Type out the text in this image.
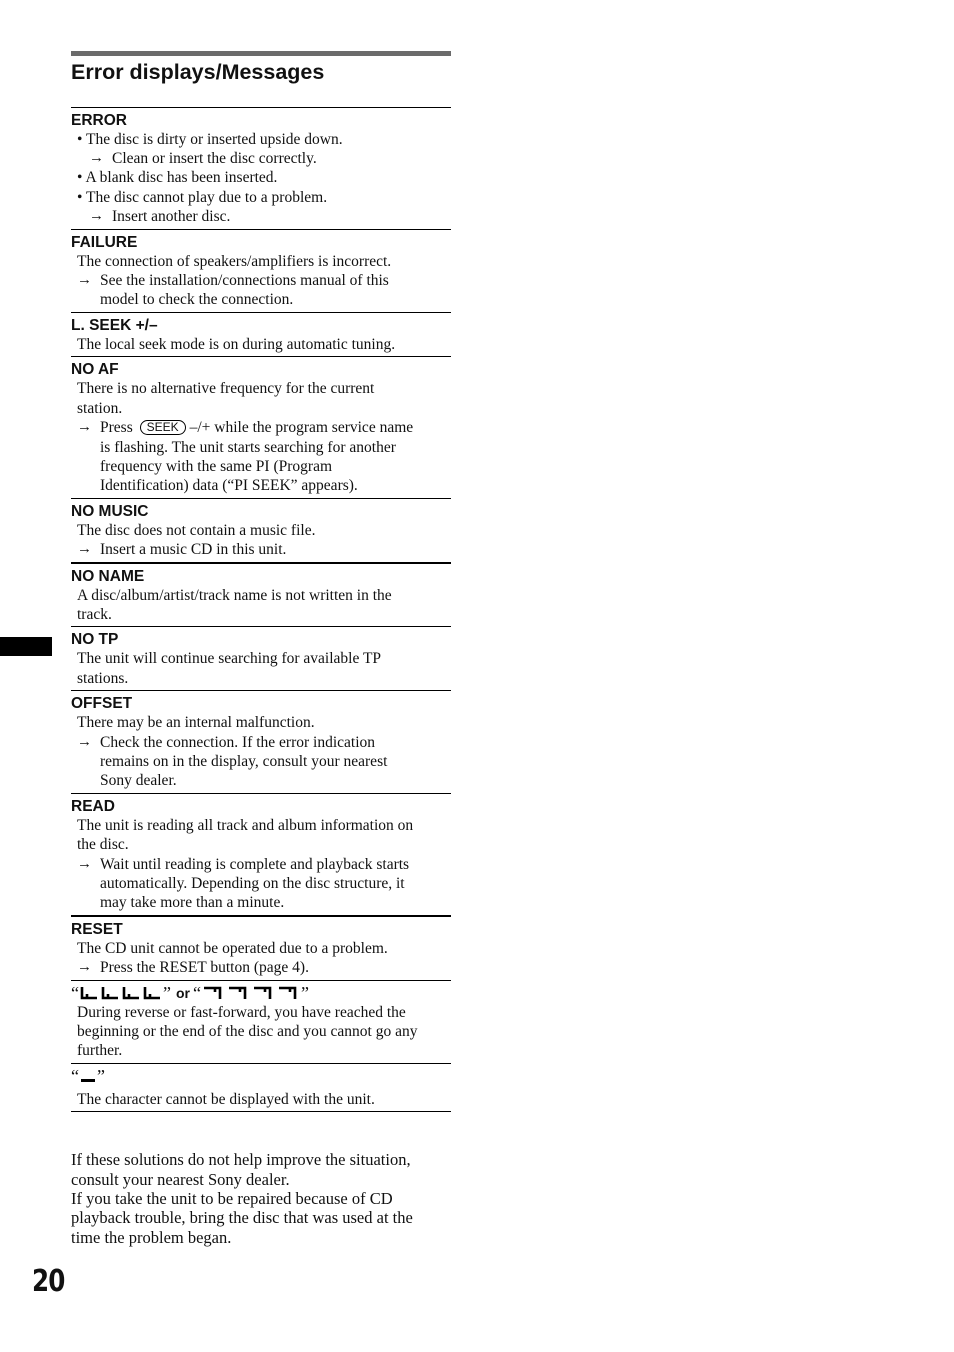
Error displays/Messages
ERROR
• The disc is dirty or inserted upside down.
→ Clean or insert the disc correctly.
• A blank disc has been inserted.
• The disc cannot play due to a problem.
→ Insert another disc.
FAILURE
The connection of speakers/amplifiers is incorrect.
→ See the installation/connections manual of this
model to check the connection.
L. SEEK +/–
The local seek mode is on during automatic tuning.
NO AF
There is no alternative frequency for the current
station.
→ Press SEEK –/+ while the program service name
is flashing. The unit starts searching for another
frequency with the same PI (Program
Identification) data (“PI SEEK” appears).
NO MUSIC
The disc does not contain a music file.
→ Insert a music CD in this unit.
NO NAME
A disc/album/artist/track name is not written in the
track.
NO TP
The unit will continue searching for available TP
stations.
OFFSET
There may be an internal malfunction.
→ Check the connection. If the error indication
remains on in the display, consult your nearest
Sony dealer.
READ
The unit is reading all track and album information on
the disc.
→ Wait until reading is complete and playback starts
automatically. Depending on the disc structure, it
may take more than a minute.
RESET
The CD unit cannot be operated due to a problem.
→ Press the RESET button (page 4).
“	” or “	”
During reverse or fast-forward, you have reached the
beginning or the end of the disc and you cannot go any
further.
“ ”
The character cannot be displayed with the unit.
If these solutions do not help improve the situation,
consult your nearest Sony dealer.
If you take the unit to be repaired because of CD
playback trouble, bring the disc that was used at the
time the problem began.
20
